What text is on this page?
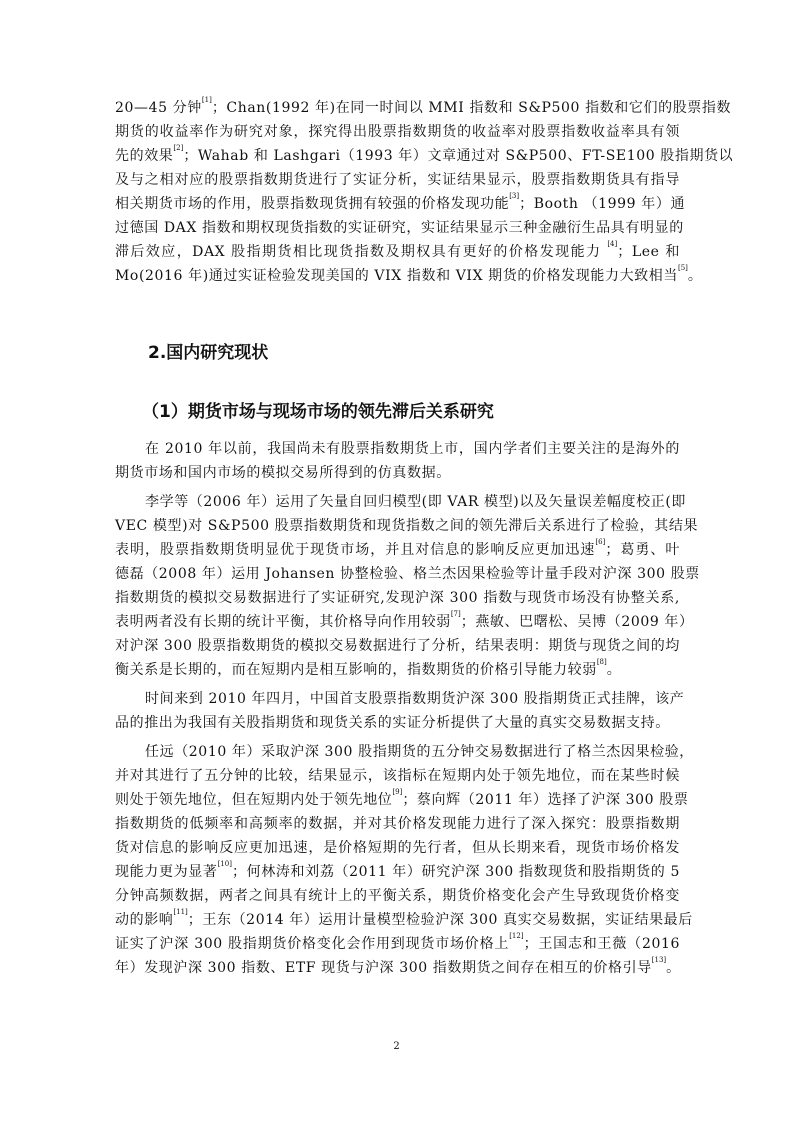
20—45 分钟[1]；Chan(1992 年)在同一时间以 MMI 指数和 S&P500 指数和它们的股票指数
期货的收益率作为研究对象，探究得出股票指数期货的收益率对股票指数收益率具有领
先的效果[2]；Wahab 和 Lashgari（1993 年）文章通过对 S&P500、FT-SE100 股指期货以
及与之相对应的股票指数期货进行了实证分析，实证结果显示，股票指数期货具有指导
相关期货市场的作用，股票指数现货拥有较强的价格发现功能[3]；Booth （1999 年）通
过德国 DAX 指数和期权现货指数的实证研究，实证结果显示三种金融衍生品具有明显的
滞后效应，DAX 股指期货相比现货指数及期权具有更好的价格发现能力 [4]；Lee 和
Mo(2016 年)通过实证检验发现美国的 VIX 指数和 VIX 期货的价格发现能力大致相当[5]。
2.国内研究现状
（1）期货市场与现场市场的领先滞后关系研究
在 2010 年以前，我国尚未有股票指数期货上市，国内学者们主要关注的是海外的
期货市场和国内市场的模拟交易所得到的仿真数据。
李学等（2006 年）运用了矢量自回归模型(即 VAR 模型)以及矢量误差幅度校正(即
VEC 模型)对 S&P500 股票指数期货和现货指数之间的领先滞后关系进行了检验，其结果
表明，股票指数期货明显优于现货市场，并且对信息的影响反应更加迅速[6]；葛勇、叶
德磊（2008 年）运用 Johansen 协整检验、格兰杰因果检验等计量手段对沪深 300 股票
指数期货的模拟交易数据进行了实证研究,发现沪深 300 指数与现货市场没有协整关系,
表明两者没有长期的统计平衡，其价格导向作用较弱[7]；燕敏、巴曙松、吴博（2009 年）
对沪深 300 股票指数期货的模拟交易数据进行了分析，结果表明：期货与现货之间的均
衡关系是长期的，而在短期内是相互影响的，指数期货的价格引导能力较弱[8]。
时间来到 2010 年四月，中国首支股票指数期货沪深 300 股指期货正式挂牌，该产
品的推出为我国有关股指期货和现货关系的实证分析提供了大量的真实交易数据支持。
任远（2010 年）采取沪深 300 股指期货的五分钟交易数据进行了格兰杰因果检验，
并对其进行了五分钟的比较，结果显示，该指标在短期内处于领先地位，而在某些时候
则处于领先地位，但在短期内处于领先地位[9]；蔡向辉（2011 年）选择了沪深 300 股票
指数期货的低频率和高频率的数据，并对其价格发现能力进行了深入探究：股票指数期
货对信息的影响反应更加迅速，是价格短期的先行者，但从长期来看，现货市场价格发
现能力更为显著[10]；何林涛和刘荔（2011 年）研究沪深 300 指数现货和股指期货的 5
分钟高频数据，两者之间具有统计上的平衡关系，期货价格变化会产生导致现货价格变
动的影响[11]；王东（2014 年）运用计量模型检验沪深 300 真实交易数据，实证结果最后
证实了沪深 300 股指期货价格变化会作用到现货市场价格上[12]；王国志和王薇（2016
年）发现沪深 300 指数、ETF 现货与沪深 300 指数期货之间存在相互的价格引导[13]。
2
